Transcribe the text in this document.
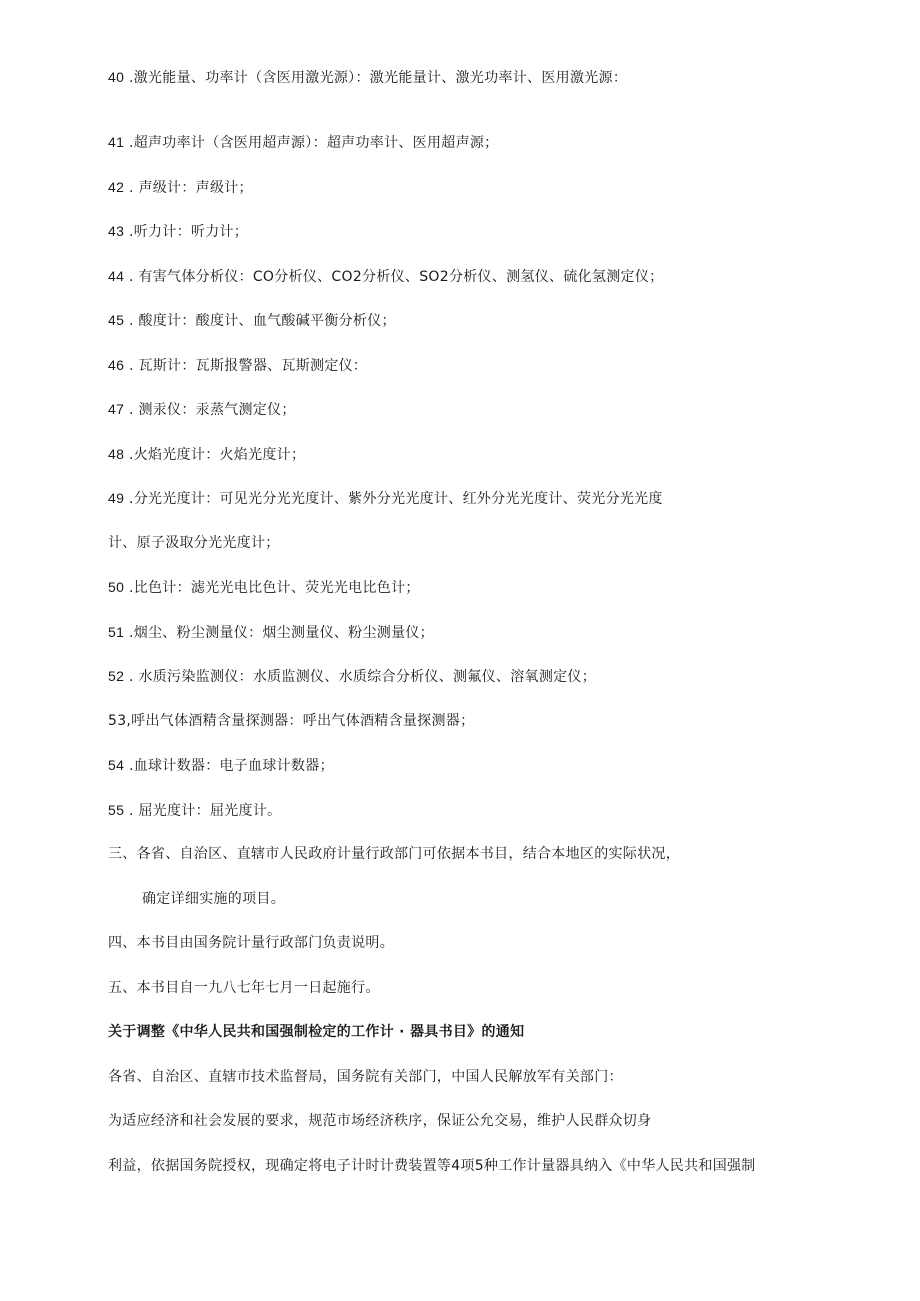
40 .激光能量、功率计（含医用激光源）：激光能量计、激光功率计、医用激光源：
41 .超声功率计（含医用超声源）：超声功率计、医用超声源；
42 . 声级计：声级计；
43 .听力计：听力计；
44 . 有害气体分析仪：CO分析仪、CO2分析仪、SO2分析仪、测氢仪、硫化氢测定仪；
45 . 酸度计：酸度计、血气酸碱平衡分析仪；
46 . 瓦斯计：瓦斯报警器、瓦斯测定仪：
47 . 测汞仪：汞蒸气测定仪；
48 .火焰光度计：火焰光度计；
49 .分光光度计：可见光分光光度计、紫外分光光度计、红外分光光度计、荧光分光光度
计、原子汲取分光光度计；
50 .比色计：滤光光电比色计、荧光光电比色计；
51 .烟尘、粉尘测量仪：烟尘测量仪、粉尘测量仪；
52 . 水质污染监测仪：水质监测仪、水质综合分析仪、测氟仪、溶氧测定仪；
53,呼出气体酒精含量探测器：呼出气体酒精含量探测器；
54 .血球计数器：电子血球计数器；
55 . 屈光度计：屈光度计。
三、各省、自治区、直辖市人民政府计量行政部门可依据本书目，结合本地区的实际状况，
确定详细实施的项目。
四、本书目由国务院计量行政部门负责说明。
五、本书目自一九八七年七月一日起施行。
关于调整《中华人民共和国强制检定的工作计 · 器具书目》的通知
各省、自治区、直辖市技术监督局，国务院有关部门，中国人民解放军有关部门：
为适应经济和社会发展的要求，规范市场经济秩序，保证公允交易，维护人民群众切身
利益，依据国务院授权，现确定将电子计时计费装置等4项5种工作计量器具纳入《中华人民共和国强制
